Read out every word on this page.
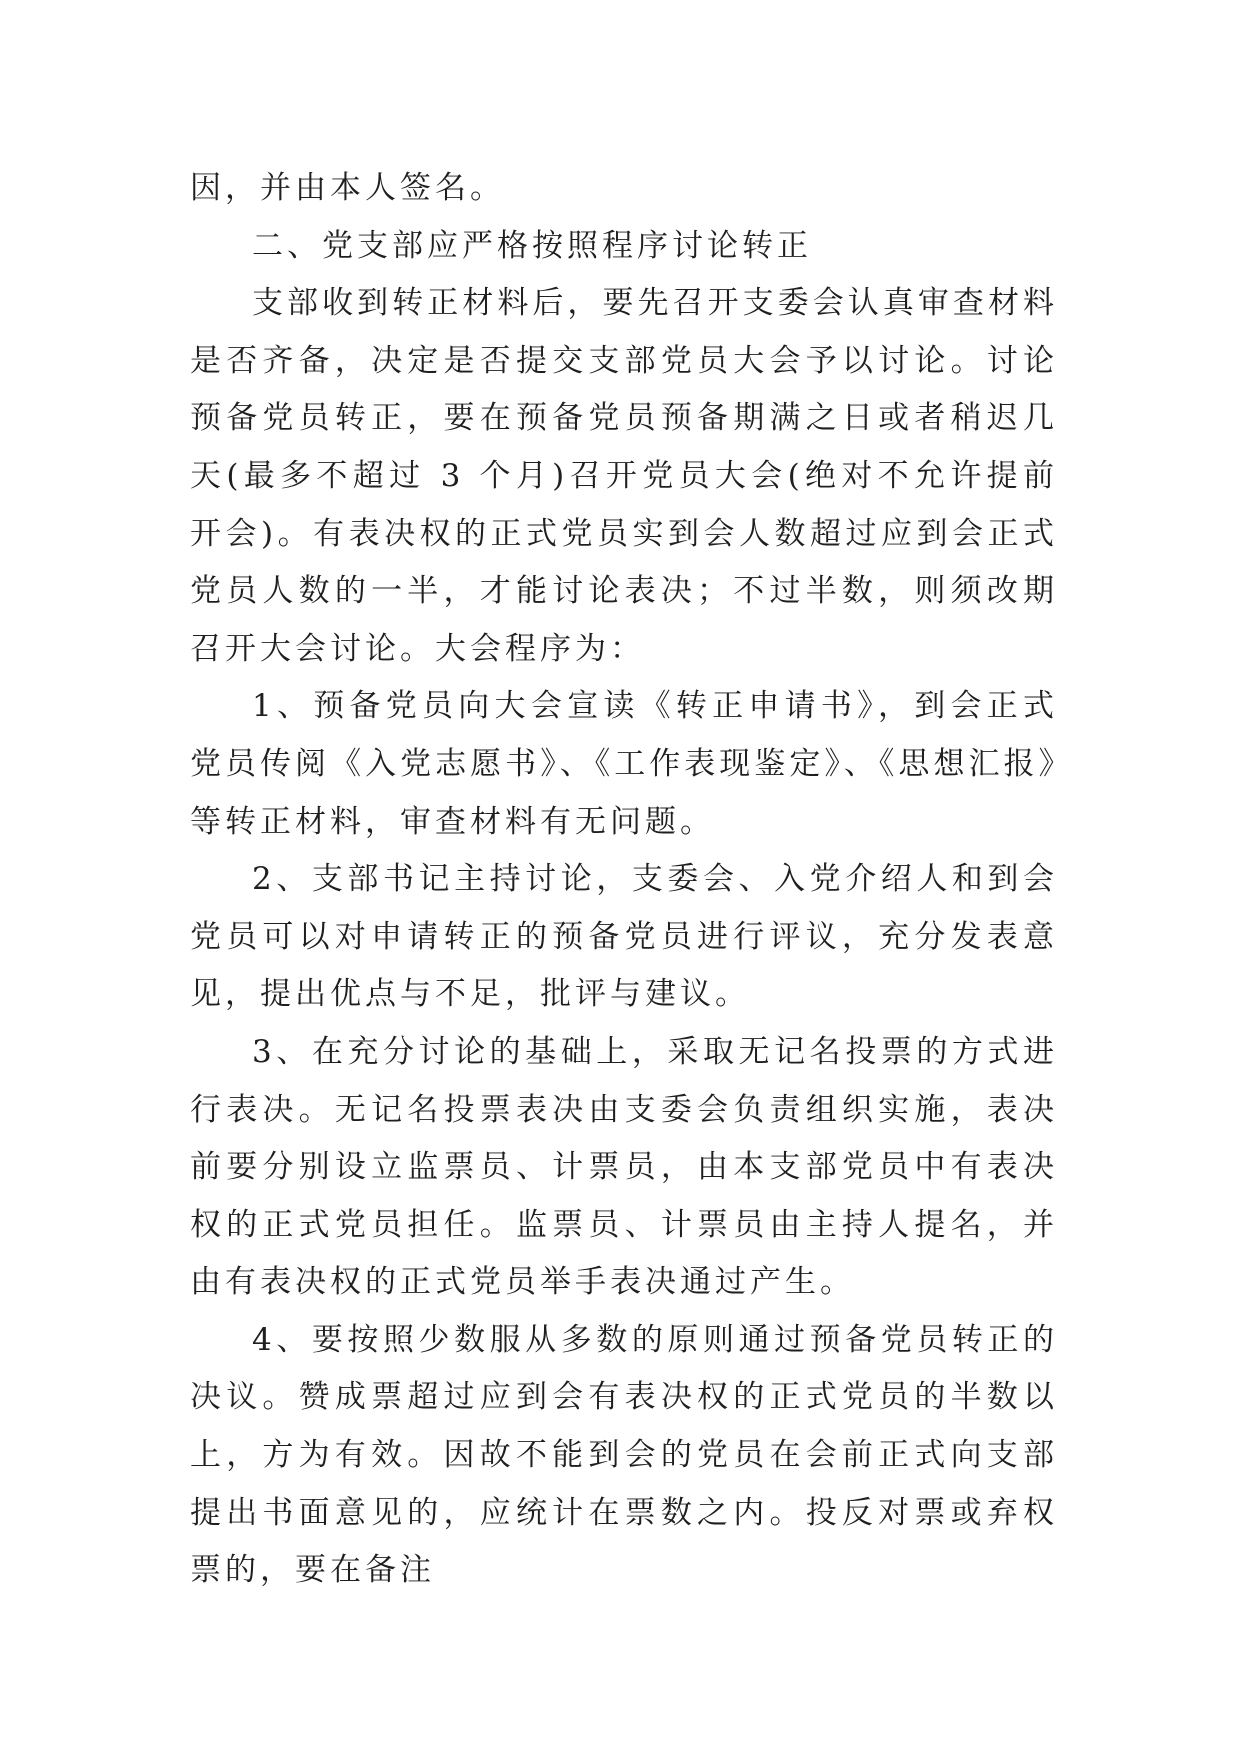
因，并由本人签名。

二、党支部应严格按照程序讨论转正

支部收到转正材料后，要先召开支委会认真审查材料是否齐备，决定是否提交支部党员大会予以讨论。讨论预备党员转正，要在预备党员预备期满之日或者稍迟几天(最多不超过 3 个月)召开党员大会(绝对不允许提前开会)。有表决权的正式党员实到会人数超过应到会正式党员人数的一半，才能讨论表决；不过半数，则须改期召开大会讨论。大会程序为：

1、预备党员向大会宣读《转正申请书》，到会正式党员传阅《入党志愿书》、《工作表现鉴定》、《思想汇报》等转正材料，审查材料有无问题。

2、支部书记主持讨论，支委会、入党介绍人和到会党员可以对申请转正的预备党员进行评议，充分发表意见，提出优点与不足，批评与建议。

3、在充分讨论的基础上，采取无记名投票的方式进行表决。无记名投票表决由支委会负责组织实施，表决前要分别设立监票员、计票员，由本支部党员中有表决权的正式党员担任。监票员、计票员由主持人提名，并由有表决权的正式党员举手表决通过产生。

4、要按照少数服从多数的原则通过预备党员转正的决议。赞成票超过应到会有表决权的正式党员的半数以上，方为有效。因故不能到会的党员在会前正式向支部提出书面意见的，应统计在票数之内。投反对票或弃权票的，要在备注
